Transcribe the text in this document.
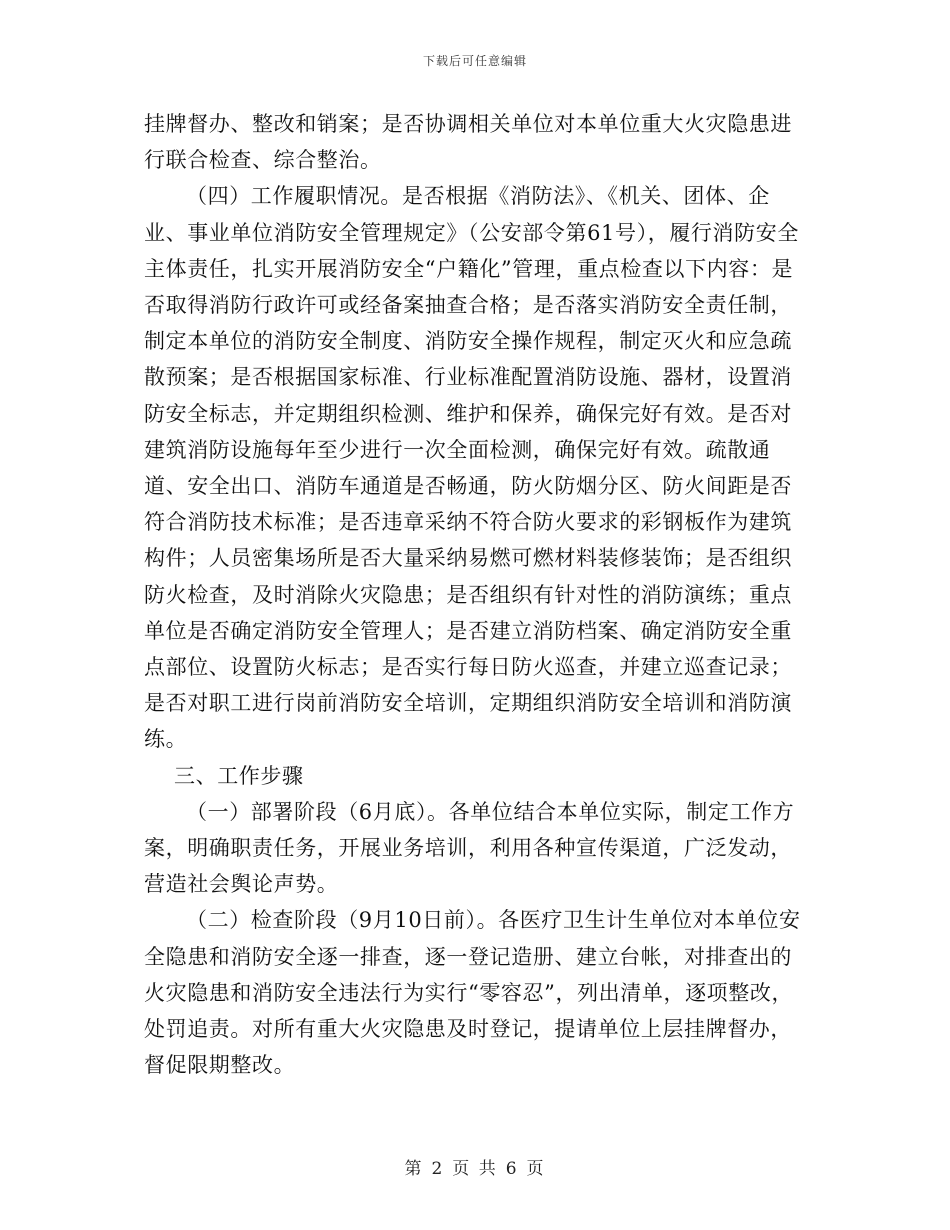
下载后可任意编辑

挂牌督办、整改和销案；是否协调相关单位对本单位重大火灾隐患进行联合检查、综合整治。

（四）工作履职情况。是否根据《消防法》、《机关、团体、企业、事业单位消防安全管理规定》（公安部令第61号），履行消防安全主体责任，扎实开展消防安全“户籍化”管理，重点检查以下内容：是否取得消防行政许可或经备案抽查合格；是否落实消防安全责任制，制定本单位的消防安全制度、消防安全操作规程，制定灭火和应急疏散预案；是否根据国家标准、行业标准配置消防设施、器材，设置消防安全标志，并定期组织检测、维护和保养，确保完好有效。是否对建筑消防设施每年至少进行一次全面检测，确保完好有效。疏散通道、安全出口、消防车通道是否畅通，防火防烟分区、防火间距是否符合消防技术标准；是否违章采纳不符合防火要求的彩钢板作为建筑构件；人员密集场所是否大量采纳易燃可燃材料装修装饰；是否组织防火检查，及时消除火灾隐患；是否组织有针对性的消防演练；重点单位是否确定消防安全管理人；是否建立消防档案、确定消防安全重点部位、设置防火标志；是否实行每日防火巡查，并建立巡查记录；是否对职工进行岗前消防安全培训，定期组织消防安全培训和消防演练。

三、工作步骤

（一）部署阶段（6月底）。各单位结合本单位实际，制定工作方案，明确职责任务，开展业务培训，利用各种宣传渠道，广泛发动，营造社会舆论声势。

（二）检查阶段（9月10日前）。各医疗卫生计生单位对本单位安全隐患和消防安全逐一排查，逐一登记造册、建立台帐，对排查出的火灾隐患和消防安全违法行为实行“零容忍”，列出清单，逐项整改，处罚追责。对所有重大火灾隐患及时登记，提请单位上层挂牌督办，督促限期整改。

第 2 页 共 6 页
